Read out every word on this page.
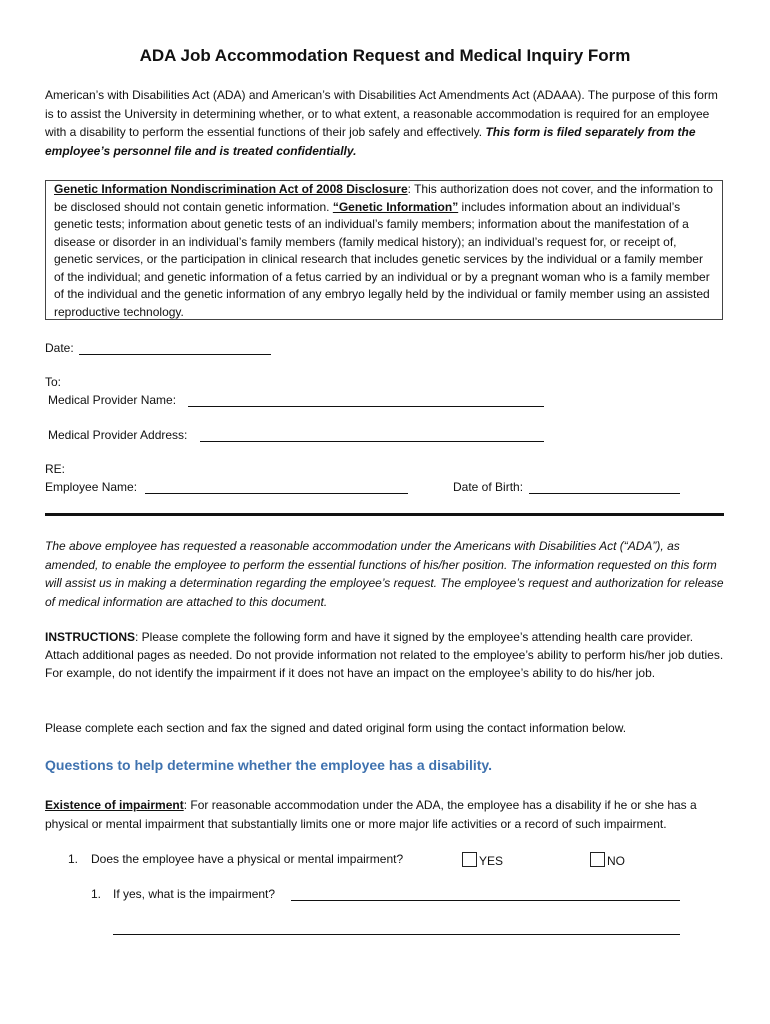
ADA Job Accommodation Request and Medical Inquiry Form
American’s with Disabilities Act (ADA) and American’s with Disabilities Act Amendments Act (ADAAA). The purpose of this form is to assist the University in determining whether, or to what extent, a reasonable accommodation is required for an employee with a disability to perform the essential functions of their job safely and effectively. This form is filed separately from the employee’s personnel file and is treated confidentially.
Genetic Information Nondiscrimination Act of 2008 Disclosure: This authorization does not cover, and the information to be disclosed should not contain genetic information. “Genetic Information” includes information about an individual’s genetic tests; information about genetic tests of an individual’s family members; information about the manifestation of a disease or disorder in an individual’s family members (family medical history); an individual’s request for, or receipt of, genetic services, or the participation in clinical research that includes genetic services by the individual or a family member of the individual; and genetic information of a fetus carried by an individual or by a pregnant woman who is a family member of the individual and the genetic information of any embryo legally held by the individual or family member using an assisted reproductive technology.
Date:
To:
Medical Provider Name:
Medical Provider Address:
RE:
Employee Name:	Date of Birth:
The above employee has requested a reasonable accommodation under the Americans with Disabilities Act (“ADA”), as amended, to enable the employee to perform the essential functions of his/her position. The information requested on this form will assist us in making a determination regarding the employee’s request. The employee’s request and authorization for release of medical information are attached to this document.
INSTRUCTIONS: Please complete the following form and have it signed by the employee’s attending health care provider. Attach additional pages as needed. Do not provide information not related to the employee’s ability to perform his/her job duties. For example, do not identify the impairment if it does not have an impact on the employee’s ability to do his/her job.
Please complete each section and fax the signed and dated original form using the contact information below.
Questions to help determine whether the employee has a disability.
Existence of impairment: For reasonable accommodation under the ADA, the employee has a disability if he or she has a physical or mental impairment that substantially limits one or more major life activities or a record of such impairment.
1. Does the employee have a physical or mental impairment?	YES	NO
1. If yes, what is the impairment?
